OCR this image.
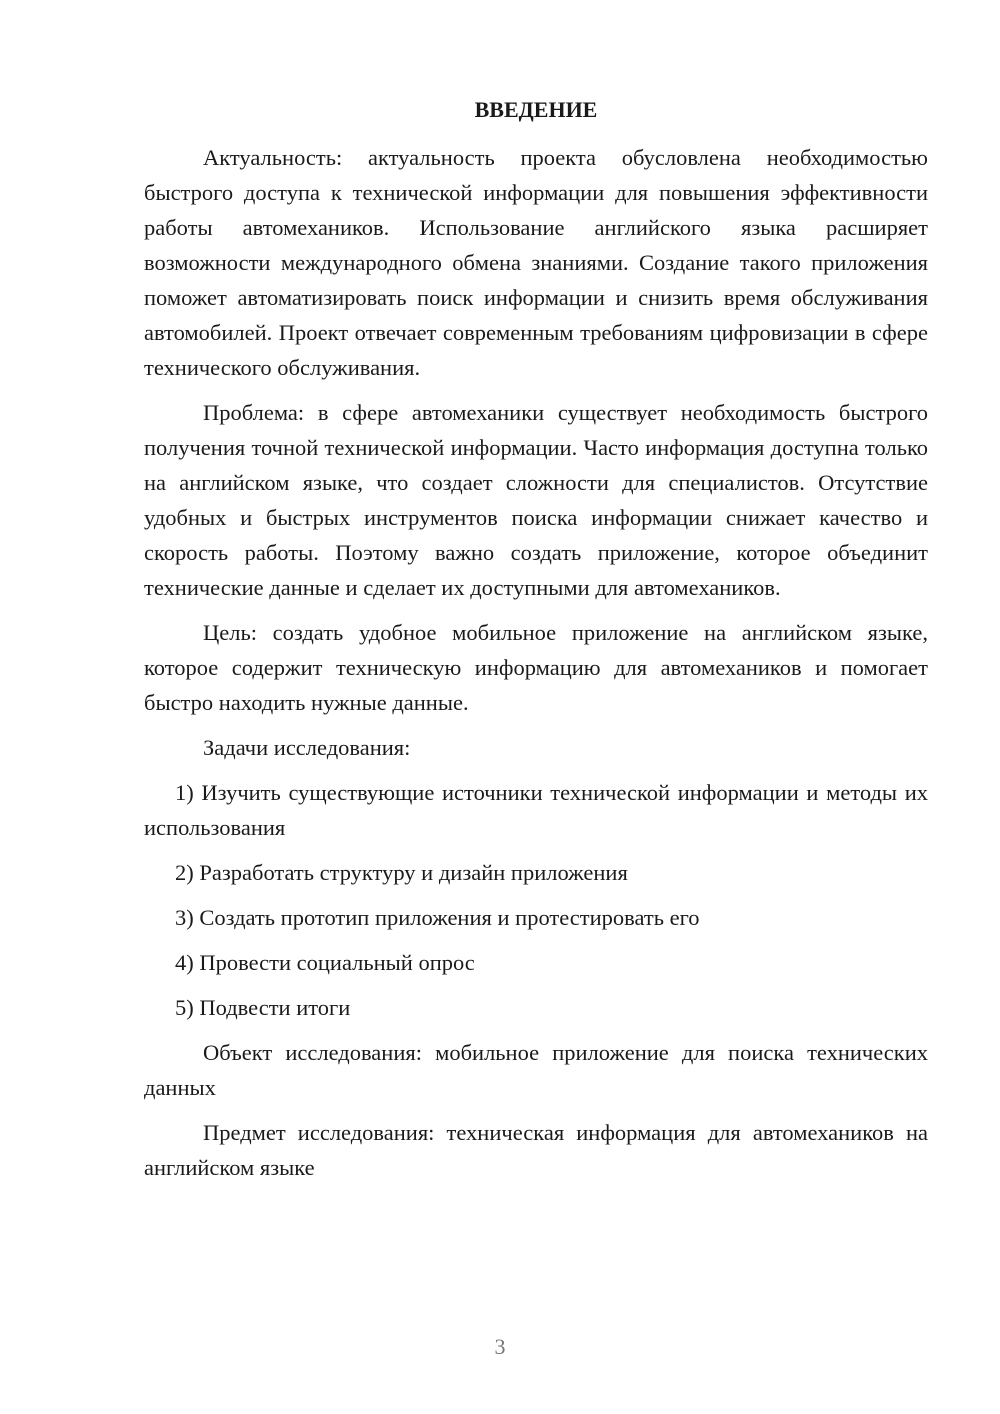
ВВЕДЕНИЕ

Актуальность: актуальность проекта обусловлена необходимостью быстрого доступа к технической информации для повышения эффективности работы автомехаников. Использование английского языка расширяет возможности международного обмена знаниями. Создание такого приложения поможет автоматизировать поиск информации и снизить время обслуживания автомобилей. Проект отвечает современным требованиям цифровизации в сфере технического обслуживания.

Проблема: в сфере автомеханики существует необходимость быстрого получения точной технической информации. Часто информация доступна только на английском языке, что создает сложности для специалистов. Отсутствие удобных и быстрых инструментов поиска информации снижает качество и скорость работы. Поэтому важно создать приложение, которое объединит технические данные и сделает их доступными для автомехаников.

Цель: создать удобное мобильное приложение на английском языке, которое содержит техническую информацию для автомехаников и помогает быстро находить нужные данные.

Задачи исследования:

1) Изучить существующие источники технической информации и методы их использования

2) Разработать структуру и дизайн приложения

3) Создать прототип приложения и протестировать его

4) Провести социальный опрос

5) Подвести итоги

Объект исследования: мобильное приложение для поиска технических данных

Предмет исследования: техническая информация для автомехаников на английском языке

3
